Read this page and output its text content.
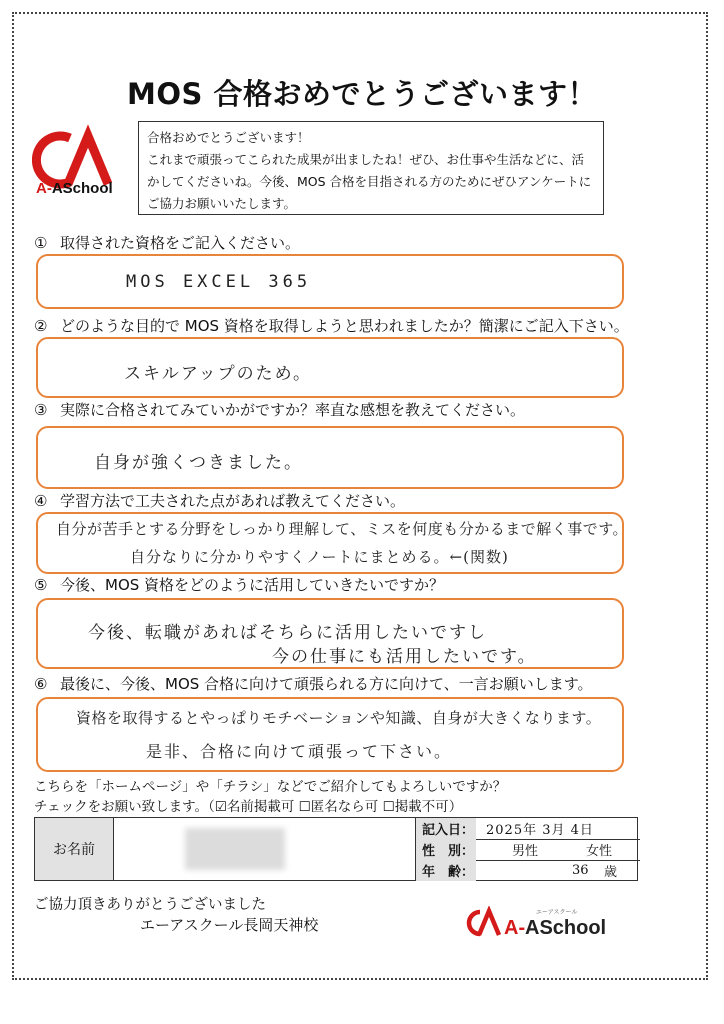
MOS 合格おめでとうございます！
A-ASchool
合格おめでとうございます！
これまで頑張ってこられた成果が出ましたね！ぜひ、お仕事や生活などに、活
かしてくださいね。今後、MOS 合格を目指される方のためにぜひアンケートに
ご協力お願いいたします。
① 取得された資格をご記入ください。
MOS EXCEL 365
② どのような目的で MOS 資格を取得しようと思われましたか？簡潔にご記入下さい。
スキルアップのため。
③ 実際に合格されてみていかがですか？率直な感想を教えてください。
自身が強くつきました。
④ 学習方法で工夫された点があれば教えてください。
自分が苦手とする分野をしっかり理解して、ミスを何度も分かるまで解く事です。
自分なりに分かりやすくノートにまとめる。←(関数)
⑤ 今後、MOS 資格をどのように活用していきたいですか？
今後、転職があればそちらに活用したいですし
今の仕事にも活用したいです。
⑥ 最後に、今後、MOS 合格に向けて頑張られる方に向けて、一言お願いします。
資格を取得するとやっぱりモチベーションや知識、自身が大きくなります。
是非、合格に向けて頑張って下さい。
こちらを「ホームページ」や「チラシ」などでご紹介してもよろしいですか？
チェックをお願い致します。（☑名前掲載可 ☐匿名なら可 ☐掲載不可）
お名前
記入日： 2025年 3月 4日
性　別：	男性	女性
年　齢：	36 歳
ご協力頂きありがとうございました
エーアスクール長岡天神校	A- ASchool
エーアスクール
